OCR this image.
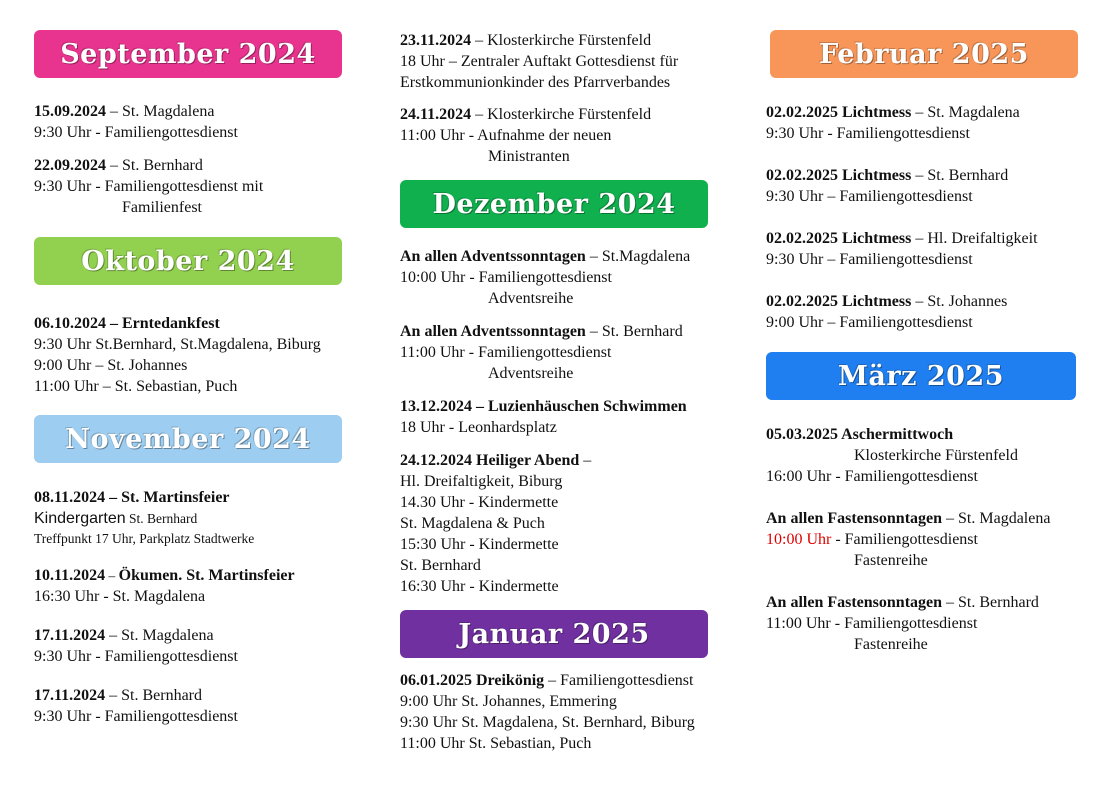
September 2024
15.09.2024 – St. Magdalena
9:30 Uhr - Familiengottesdienst
22.09.2024 – St. Bernhard
9:30 Uhr - Familiengottesdienst mit
Familienfest
Oktober 2024
06.10.2024 – Erntedankfest
9:30 Uhr St.Bernhard, St.Magdalena, Biburg
9:00 Uhr – St. Johannes
11:00 Uhr – St. Sebastian, Puch
November 2024
08.11.2024 – St. Martinsfeier
Kindergarten St. Bernhard
Treffpunkt 17 Uhr, Parkplatz Stadtwerke
10.11.2024 – Ökumen. St. Martinsfeier
16:30 Uhr - St. Magdalena
17.11.2024 – St. Magdalena
9:30 Uhr - Familiengottesdienst
17.11.2024 – St. Bernhard
9:30 Uhr - Familiengottesdienst
23.11.2024 – Klosterkirche Fürstenfeld
18 Uhr – Zentraler Auftakt Gottesdienst für
Erstkommunionkinder des Pfarrverbandes
24.11.2024 – Klosterkirche Fürstenfeld
11:00 Uhr - Aufnahme der neuen
Ministranten
Dezember 2024
An allen Adventssonntagen – St.Magdalena
10:00 Uhr - Familiengottesdienst
Adventsreihe
An allen Adventssonntagen – St. Bernhard
11:00 Uhr - Familiengottesdienst
Adventsreihe
13.12.2024 – Luzienhäuschen Schwimmen
18 Uhr - Leonhardsplatz
24.12.2024 Heiliger Abend –
Hl. Dreifaltigkeit, Biburg
14.30 Uhr - Kindermette
St. Magdalena & Puch
15:30 Uhr - Kindermette
St. Bernhard
16:30 Uhr - Kindermette
Januar 2025
06.01.2025 Dreikönig – Familiengottesdienst
9:00 Uhr St. Johannes, Emmering
9:30 Uhr St. Magdalena, St. Bernhard, Biburg
11:00 Uhr St. Sebastian, Puch
Februar 2025
02.02.2025 Lichtmess – St. Magdalena
9:30 Uhr - Familiengottesdienst
02.02.2025 Lichtmess – St. Bernhard
9:30 Uhr – Familiengottesdienst
02.02.2025 Lichtmess – Hl. Dreifaltigkeit
9:30 Uhr – Familiengottesdienst
02.02.2025 Lichtmess – St. Johannes
9:00 Uhr – Familiengottesdienst
März 2025
05.03.2025 Aschermittwoch
Klosterkirche Fürstenfeld
16:00 Uhr - Familiengottesdienst
An allen Fastensonntagen – St. Magdalena
10:00 Uhr - Familiengottesdienst
Fastenreihe
An allen Fastensonntagen – St. Bernhard
11:00 Uhr - Familiengottesdienst
Fastenreihe
